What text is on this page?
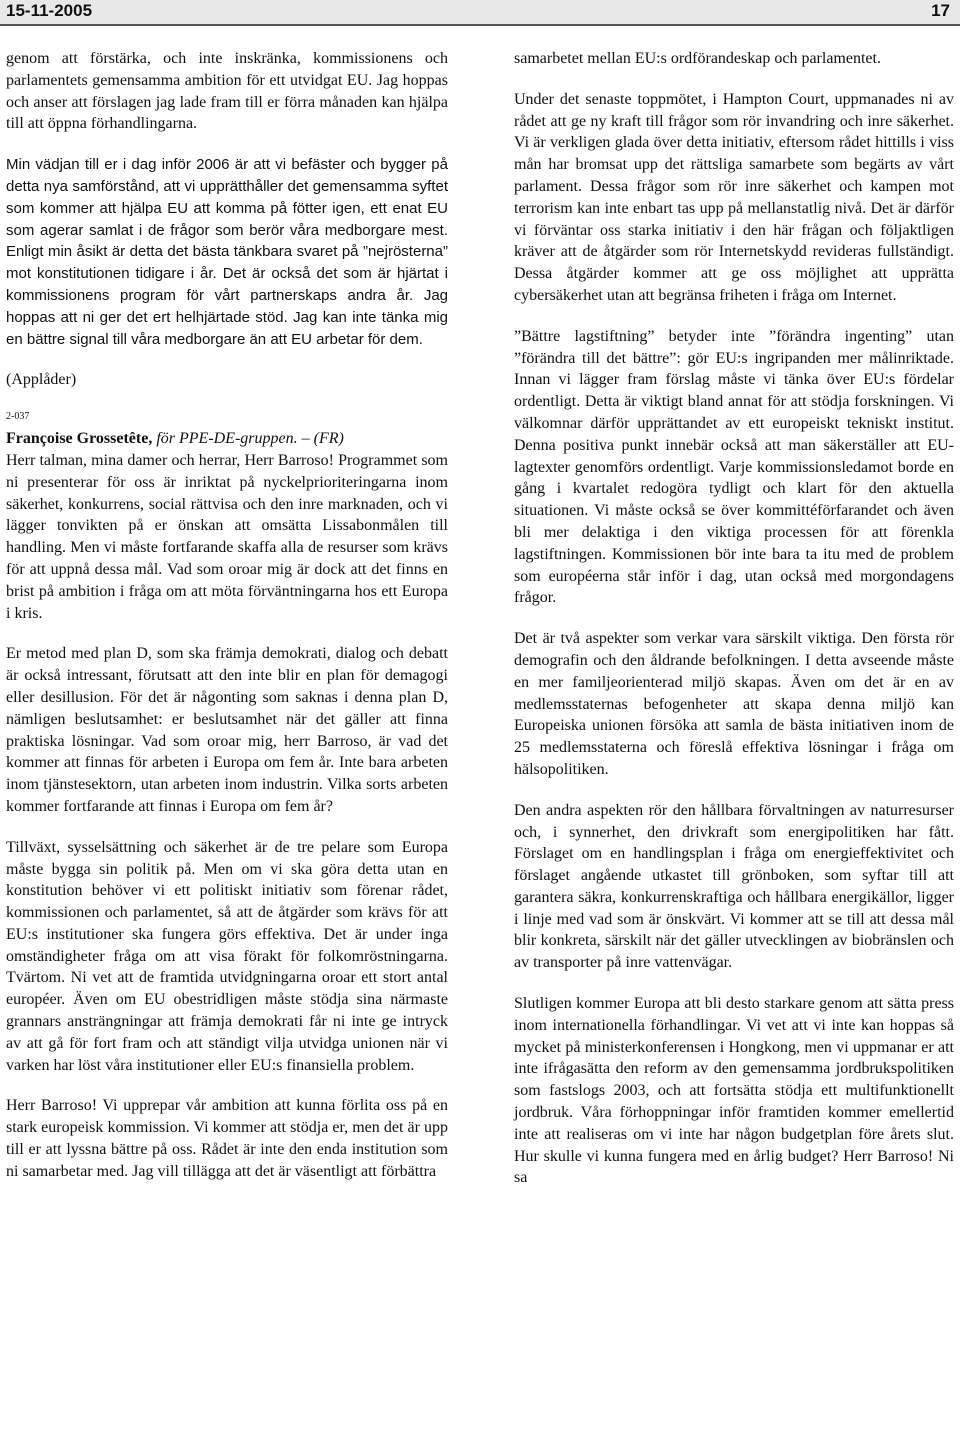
15-11-2005	17

genom att förstärka, och inte inskränka, kommissionens och parlamentets gemensamma ambition för ett utvidgat EU. Jag hoppas och anser att förslagen jag lade fram till er förra månaden kan hjälpa till att öppna förhandlingarna.

Min vädjan till er i dag inför 2006 är att vi befäster och bygger på detta nya samförstånd, att vi upprätthåller det gemensamma syftet som kommer att hjälpa EU att komma på fötter igen, ett enat EU som agerar samlat i de frågor som berör våra medborgare mest. Enligt min åsikt är detta det bästa tänkbara svaret på ”nejrösterna” mot konstitutionen tidigare i år. Det är också det som är hjärtat i kommissionens program för vårt partnerskaps andra år. Jag hoppas att ni ger det ert helhjärtade stöd. Jag kan inte tänka mig en bättre signal till våra medborgare än att EU arbetar för dem.

(Applåder)

2-037
Françoise Grossetête, för PPE-DE-gruppen. – (FR)

Herr talman, mina damer och herrar, Herr Barroso! Programmet som ni presenterar för oss är inriktat på nyckelprioriteringarna inom säkerhet, konkurrens, social rättvisa och den inre marknaden, och vi lägger tonvikten på er önskan att omsätta Lissabonmålen till handling. Men vi måste fortfarande skaffa alla de resurser som krävs för att uppnå dessa mål. Vad som oroar mig är dock att det finns en brist på ambition i fråga om att möta förväntningarna hos ett Europa i kris.

Er metod med plan D, som ska främja demokrati, dialog och debatt är också intressant, förutsatt att den inte blir en plan för demagogi eller desillusion. För det är någonting som saknas i denna plan D, nämligen beslutsamhet: er beslutsamhet när det gäller att finna praktiska lösningar. Vad som oroar mig, herr Barroso, är vad det kommer att finnas för arbeten i Europa om fem år. Inte bara arbeten inom tjänstesektorn, utan arbeten inom industrin. Vilka sorts arbeten kommer fortfarande att finnas i Europa om fem år?

Tillväxt, sysselsättning och säkerhet är de tre pelare som Europa måste bygga sin politik på. Men om vi ska göra detta utan en konstitution behöver vi ett politiskt initiativ som förenar rådet, kommissionen och parlamentet, så att de åtgärder som krävs för att EU:s institutioner ska fungera görs effektiva. Det är under inga omständigheter fråga om att visa förakt för folkomröstningarna. Tvärtom. Ni vet att de framtida utvidgningarna oroar ett stort antal européer. Även om EU obestridligen måste stödja sina närmaste grannars ansträngningar att främja demokrati får ni inte ge intryck av att gå för fort fram och att ständigt vilja utvidga unionen när vi varken har löst våra institutioner eller EU:s finansiella problem.

Herr Barroso! Vi upprepar vår ambition att kunna förlita oss på en stark europeisk kommission. Vi kommer att stödja er, men det är upp till er att lyssna bättre på oss. Rådet är inte den enda institution som ni samarbetar med. Jag vill tillägga att det är väsentligt att förbättra

samarbetet mellan EU:s ordförandeskap och parlamentet.

Under det senaste toppmötet, i Hampton Court, uppmanades ni av rådet att ge ny kraft till frågor som rör invandring och inre säkerhet. Vi är verkligen glada över detta initiativ, eftersom rådet hittills i viss mån har bromsat upp det rättsliga samarbete som begärts av vårt parlament. Dessa frågor som rör inre säkerhet och kampen mot terrorism kan inte enbart tas upp på mellanstatlig nivå. Det är därför vi förväntar oss starka initiativ i den här frågan och följaktligen kräver att de åtgärder som rör Internetskydd revideras fullständigt. Dessa åtgärder kommer att ge oss möjlighet att upprätta cybersäkerhet utan att begränsa friheten i fråga om Internet.

”Bättre lagstiftning” betyder inte ”förändra ingenting” utan ”förändra till det bättre”: gör EU:s ingripanden mer målinriktade. Innan vi lägger fram förslag måste vi tänka över EU:s fördelar ordentligt. Detta är viktigt bland annat för att stödja forskningen. Vi välkomnar därför upprättandet av ett europeiskt tekniskt institut. Denna positiva punkt innebär också att man säkerställer att EU-lagtexter genomförs ordentligt. Varje kommissionsledamot borde en gång i kvartalet redogöra tydligt och klart för den aktuella situationen. Vi måste också se över kommittéförfarandet och även bli mer delaktiga i den viktiga processen för att förenkla lagstiftningen. Kommissionen bör inte bara ta itu med de problem som européerna står inför i dag, utan också med morgondagens frågor.

Det är två aspekter som verkar vara särskilt viktiga. Den första rör demografin och den åldrande befolkningen. I detta avseende måste en mer familjeorienterad miljö skapas. Även om det är en av medlemsstaternas befogenheter att skapa denna miljö kan Europeiska unionen försöka att samla de bästa initiativen inom de 25 medlemsstaterna och föreslå effektiva lösningar i fråga om hälsopolitiken.

Den andra aspekten rör den hållbara förvaltningen av naturresurser och, i synnerhet, den drivkraft som energipolitiken har fått. Förslaget om en handlingsplan i fråga om energieffektivitet och förslaget angående utkastet till grönboken, som syftar till att garantera säkra, konkurrenskraftiga och hållbara energikällor, ligger i linje med vad som är önskvärt. Vi kommer att se till att dessa mål blir konkreta, särskilt när det gäller utvecklingen av biobränslen och av transporter på inre vattenvägar.

Slutligen kommer Europa att bli desto starkare genom att sätta press inom internationella förhandlingar. Vi vet att vi inte kan hoppas så mycket på ministerkonferensen i Hongkong, men vi uppmanar er att inte ifrågasätta den reform av den gemensamma jordbrukspolitiken som fastslogs 2003, och att fortsätta stödja ett multifunktionellt jordbruk. Våra förhoppningar inför framtiden kommer emellertid inte att realiseras om vi inte har någon budgetplan före årets slut. Hur skulle vi kunna fungera med en årlig budget? Herr Barroso! Ni sa
